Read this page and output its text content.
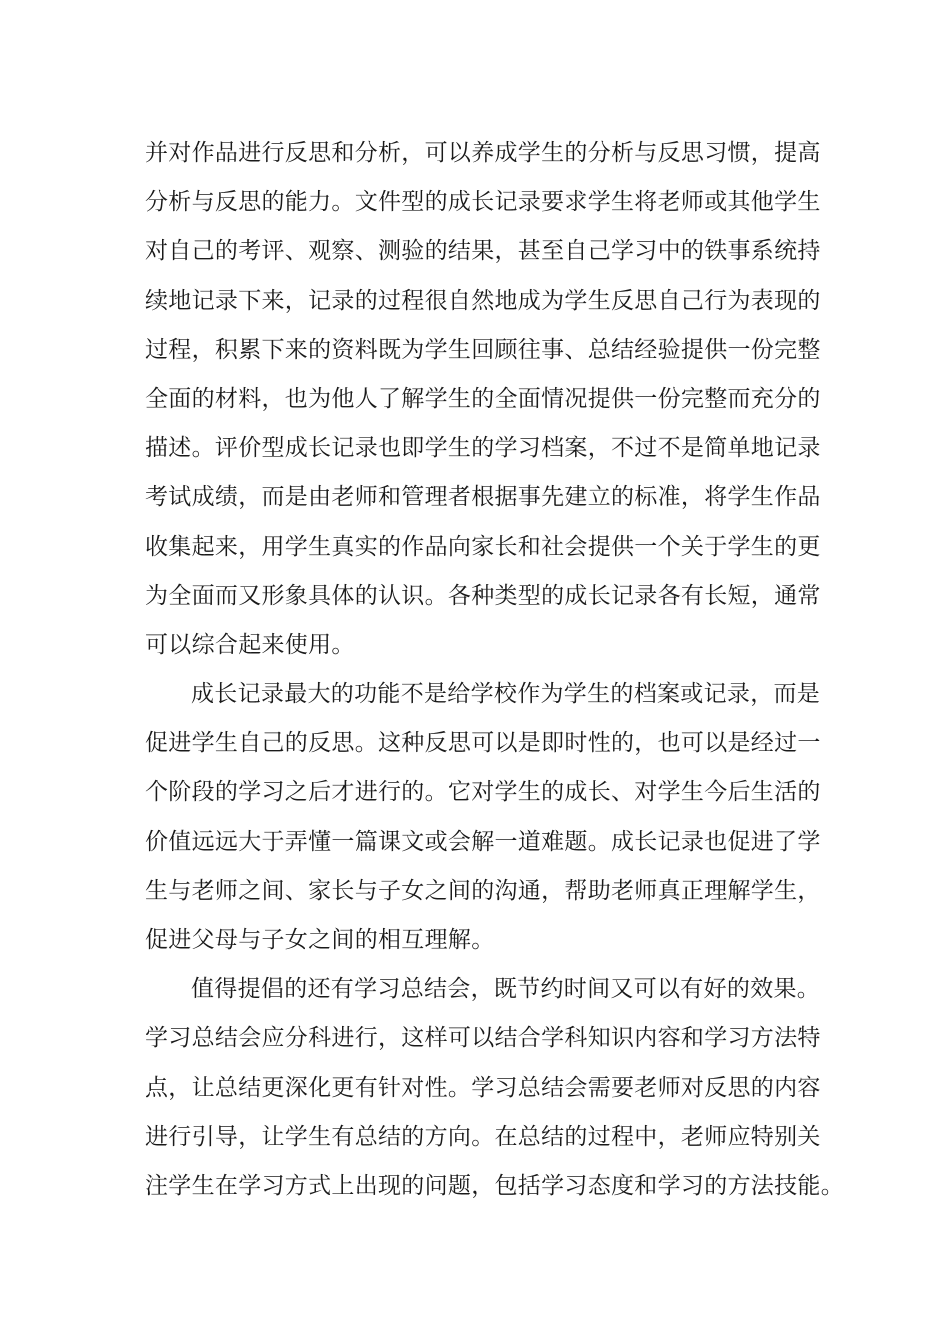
并对作品进行反思和分析，可以养成学生的分析与反思习惯，提高
分析与反思的能力。文件型的成长记录要求学生将老师或其他学生
对自己的考评、观察、测验的结果，甚至自己学习中的铁事系统持
续地记录下来，记录的过程很自然地成为学生反思自己行为表现的
过程，积累下来的资料既为学生回顾往事、总结经验提供一份完整
全面的材料，也为他人了解学生的全面情况提供一份完整而充分的
描述。评价型成长记录也即学生的学习档案，不过不是简单地记录
考试成绩，而是由老师和管理者根据事先建立的标准，将学生作品
收集起来，用学生真实的作品向家长和社会提供一个关于学生的更
为全面而又形象具体的认识。各种类型的成长记录各有长短，通常
可以综合起来使用。
成长记录最大的功能不是给学校作为学生的档案或记录，而是
促进学生自己的反思。这种反思可以是即时性的，也可以是经过一
个阶段的学习之后才进行的。它对学生的成长、对学生今后生活的
价值远远大于弄懂一篇课文或会解一道难题。成长记录也促进了学
生与老师之间、家长与子女之间的沟通，帮助老师真正理解学生，
促进父母与子女之间的相互理解。
值得提倡的还有学习总结会，既节约时间又可以有好的效果。
学习总结会应分科进行，这样可以结合学科知识内容和学习方法特
点，让总结更深化更有针对性。学习总结会需要老师对反思的内容
进行引导，让学生有总结的方向。在总结的过程中，老师应特别关
注学生在学习方式上出现的问题，包括学习态度和学习的方法技能。
